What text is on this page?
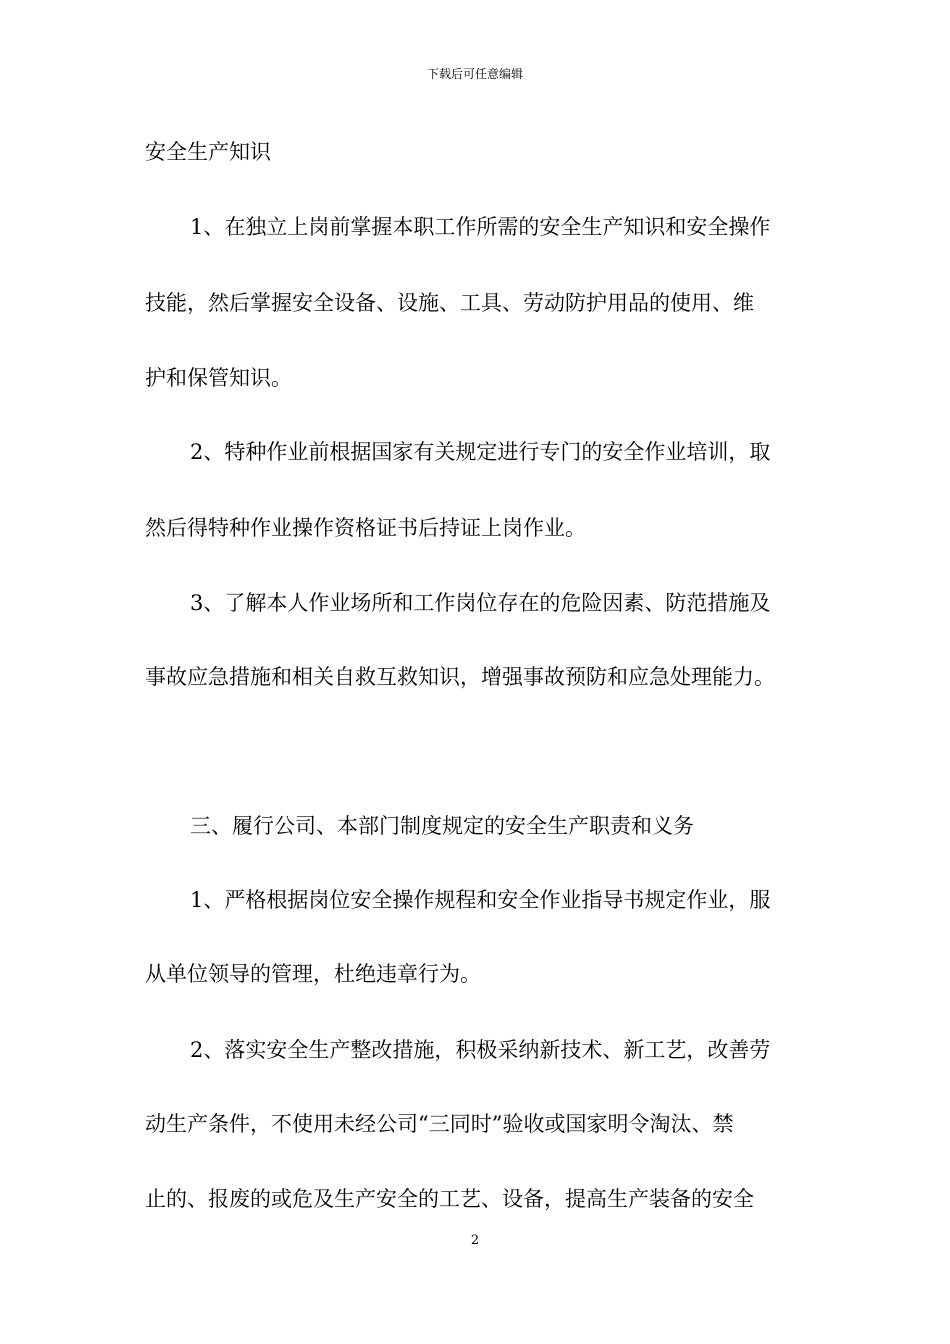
下载后可任意编辑
安全生产知识
1、在独立上岗前掌握本职工作所需的安全生产知识和安全操作
技能，然后掌握安全设备、设施、工具、劳动防护用品的使用、维
护和保管知识。
2、特种作业前根据国家有关规定进行专门的安全作业培训，取
然后得特种作业操作资格证书后持证上岗作业。
3、了解本人作业场所和工作岗位存在的危险因素、防范措施及
事故应急措施和相关自救互救知识，增强事故预防和应急处理能力。
三、履行公司、本部门制度规定的安全生产职责和义务
1、严格根据岗位安全操作规程和安全作业指导书规定作业，服
从单位领导的管理，杜绝违章行为。
2、落实安全生产整改措施，积极采纳新技术、新工艺，改善劳
动生产条件，不使用未经公司“三同时”验收或国家明令淘汰、禁
止的、报废的或危及生产安全的工艺、设备，提高生产装备的安全
2
